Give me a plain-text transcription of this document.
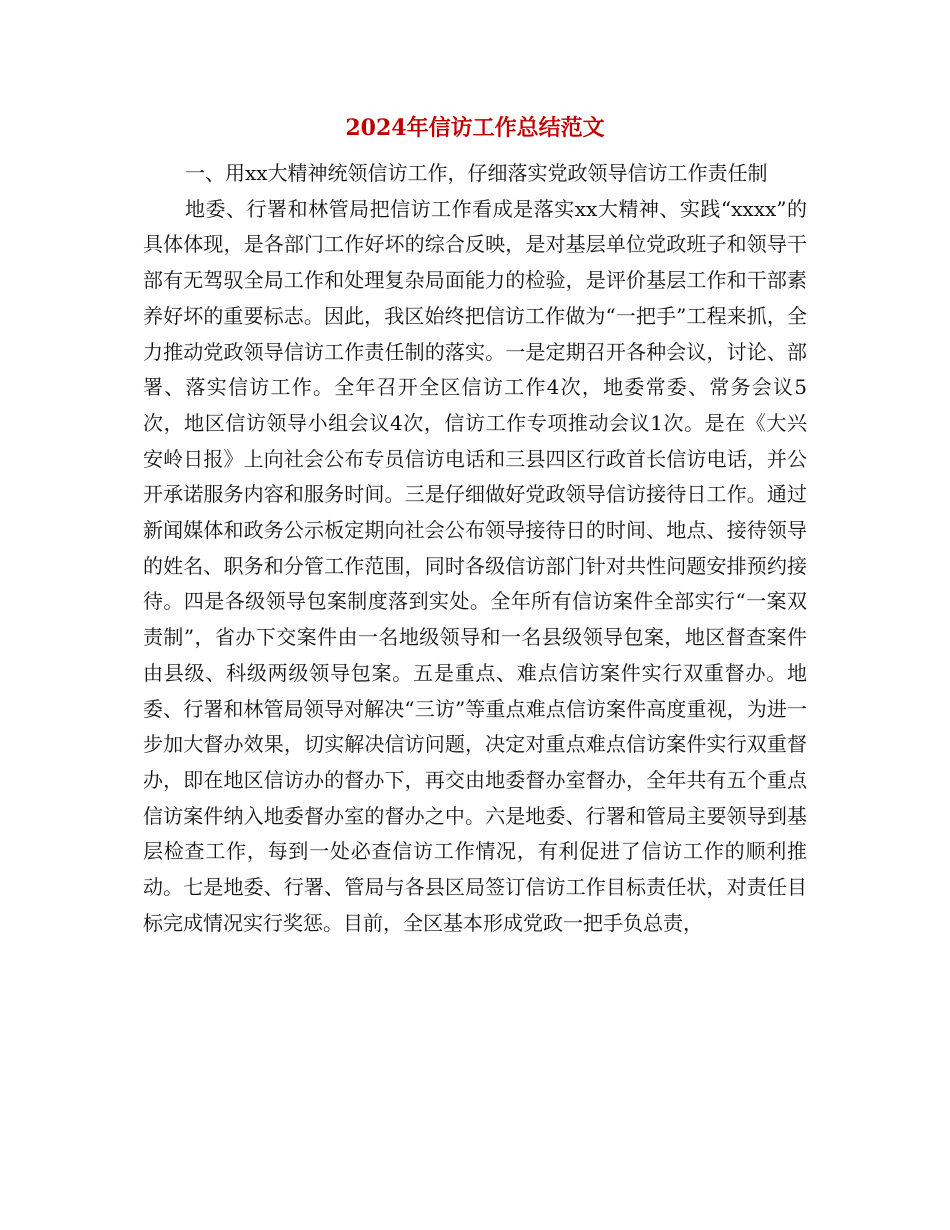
2024年信访工作总结范文

一、用xx大精神统领信访工作，仔细落实党政领导信访工作责任制

地委、行署和林管局把信访工作看成是落实xx大精神、实践“xxxx”的具体体现，是各部门工作好坏的综合反映，是对基层单位党政班子和领导干部有无驾驭全局工作和处理复杂局面能力的检验，是评价基层工作和干部素养好坏的重要标志。因此，我区始终把信访工作做为“一把手”工程来抓，全力推动党政领导信访工作责任制的落实。一是定期召开各种会议，讨论、部署、落实信访工作。全年召开全区信访工作4次，地委常委、常务会议5次，地区信访领导小组会议4次，信访工作专项推动会议1次。是在《大兴安岭日报》上向社会公布专员信访电话和三县四区行政首长信访电话，并公开承诺服务内容和服务时间。三是仔细做好党政领导信访接待日工作。通过新闻媒体和政务公示板定期向社会公布领导接待日的时间、地点、接待领导的姓名、职务和分管工作范围，同时各级信访部门针对共性问题安排预约接待。四是各级领导包案制度落到实处。全年所有信访案件全部实行“一案双责制”，省办下交案件由一名地级领导和一名县级领导包案，地区督查案件由县级、科级两级领导包案。五是重点、难点信访案件实行双重督办。地委、行署和林管局领导对解决“三访”等重点难点信访案件高度重视，为进一步加大督办效果，切实解决信访问题，决定对重点难点信访案件实行双重督办，即在地区信访办的督办下，再交由地委督办室督办，全年共有五个重点信访案件纳入地委督办室的督办之中。六是地委、行署和管局主要领导到基层检查工作，每到一处必查信访工作情况，有利促进了信访工作的顺利推动。七是地委、行署、管局与各县区局签订信访工作目标责任状，对责任目标完成情况实行奖惩。目前，全区基本形成党政一把手负总责，
